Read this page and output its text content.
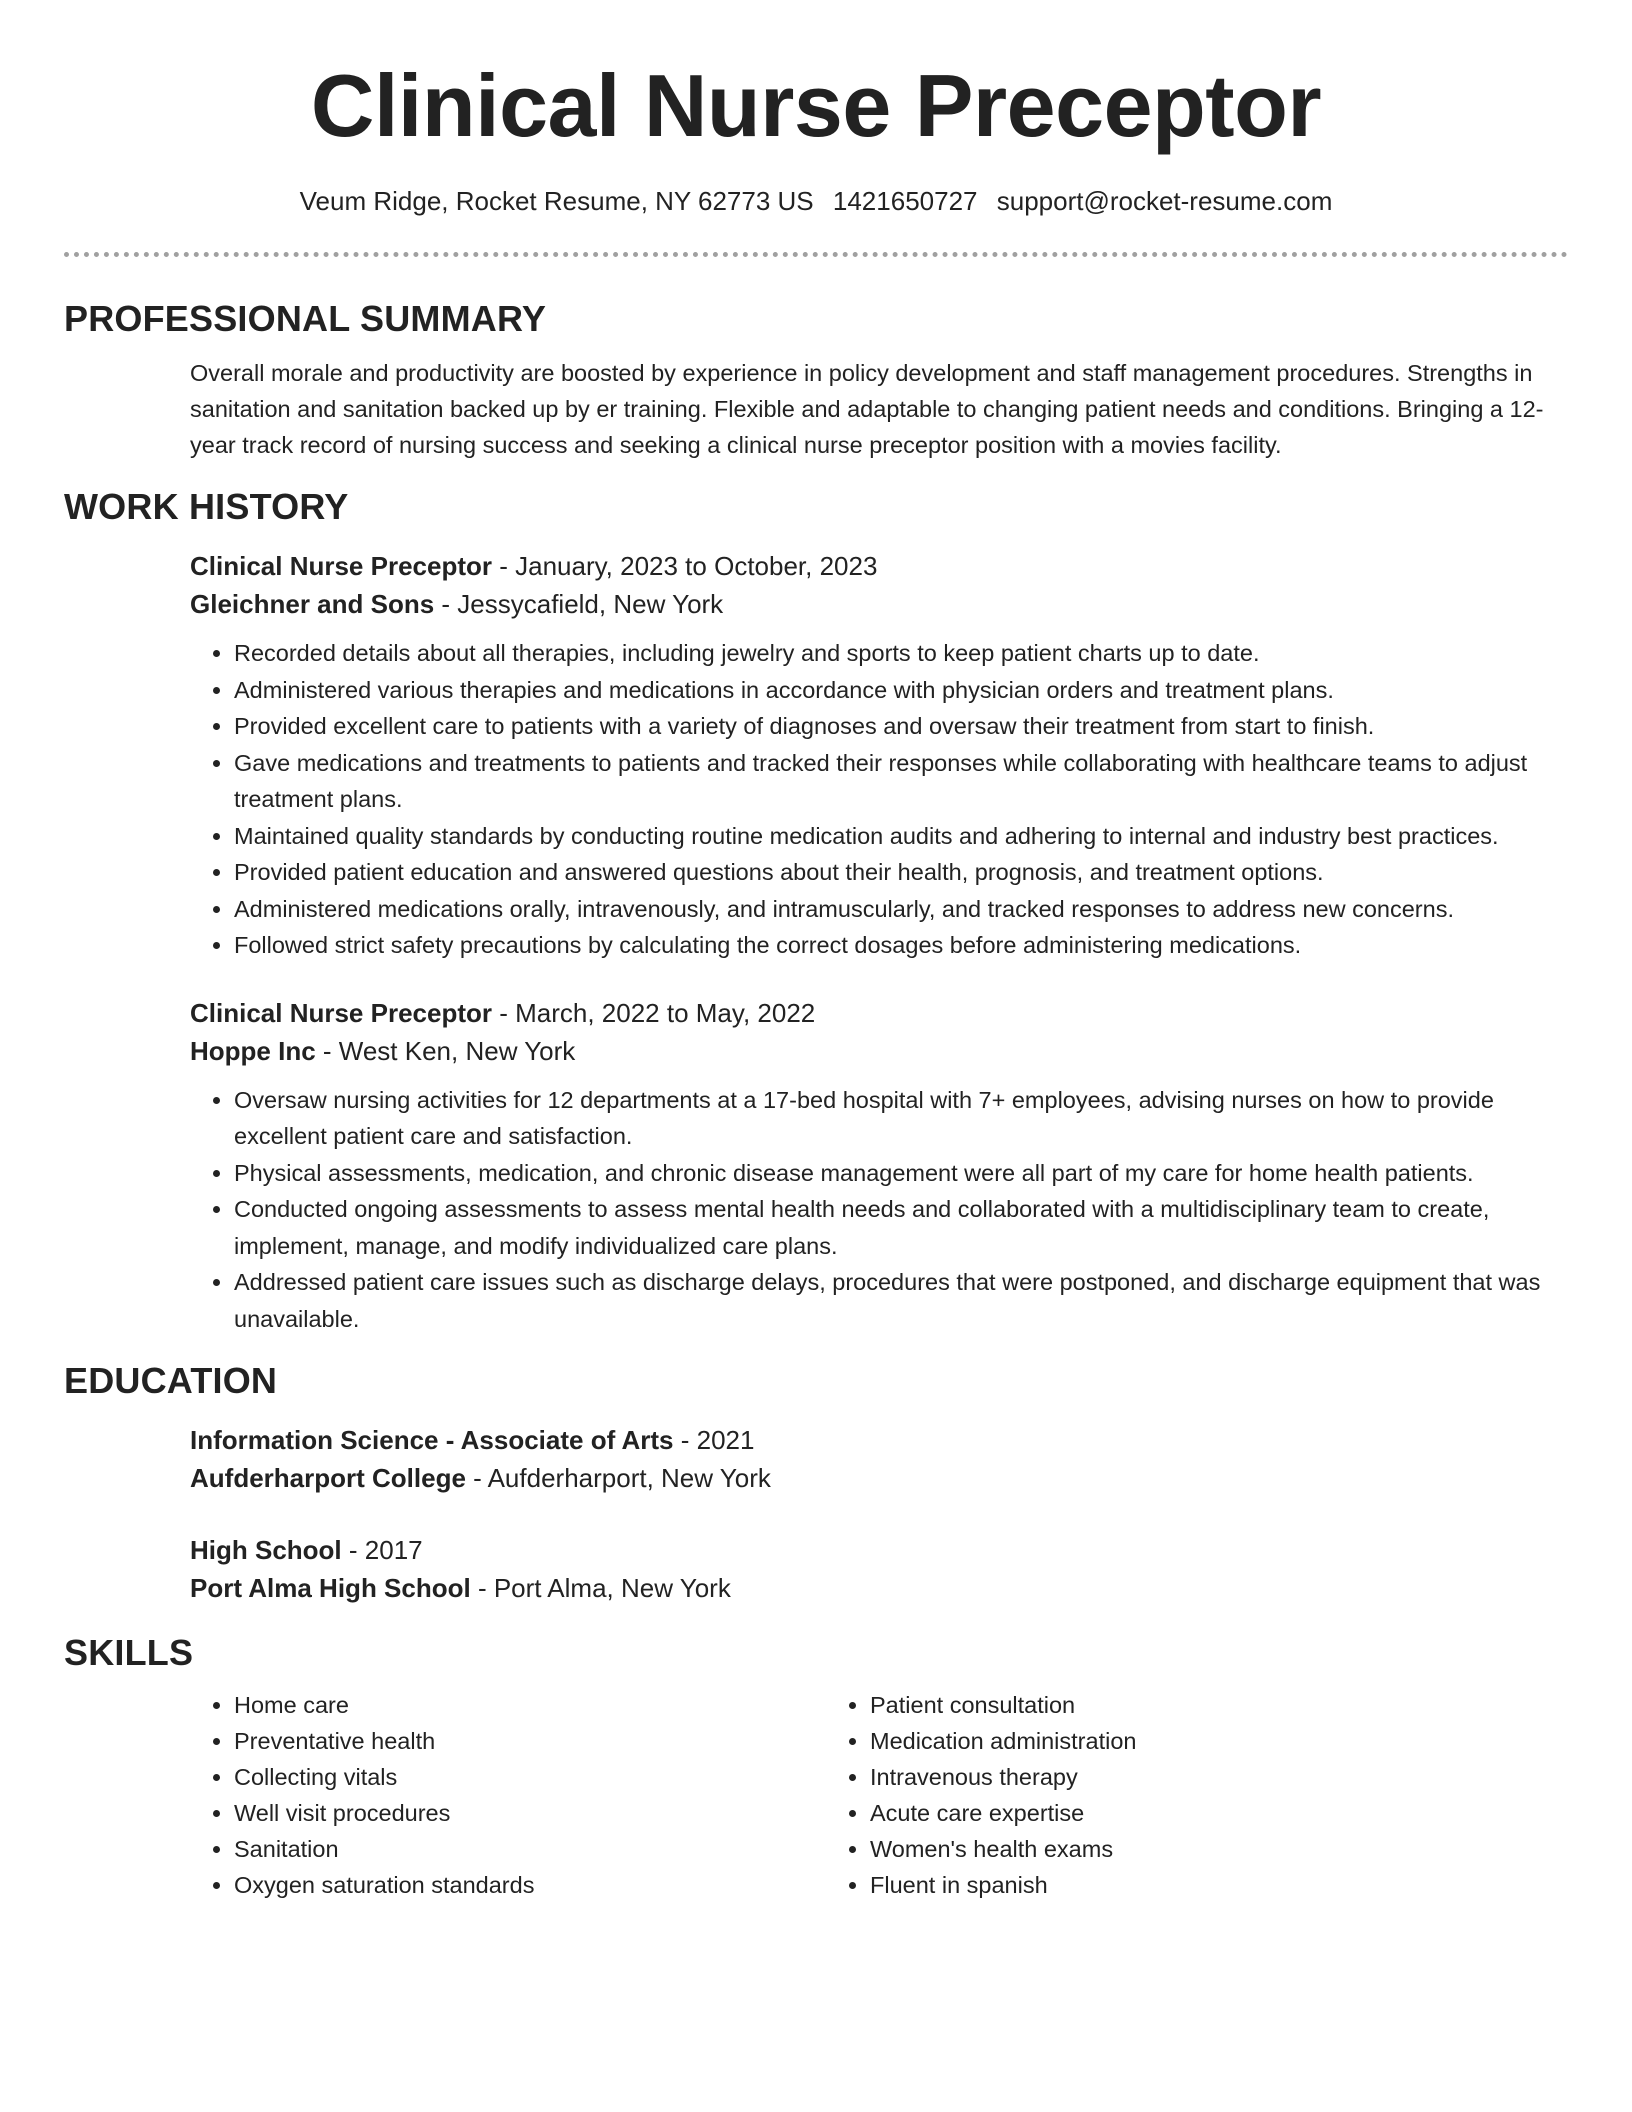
Clinical Nurse Preceptor
Veum Ridge, Rocket Resume, NY 62773 US 1421650727 support@rocket-resume.com
PROFESSIONAL SUMMARY

Overall morale and productivity are boosted by experience in policy development and staff management procedures. Strengths in sanitation and sanitation backed up by er training. Flexible and adaptable to changing patient needs and conditions. Bringing a 12-year track record of nursing success and seeking a clinical nurse preceptor position with a movies facility.

WORK HISTORY
Clinical Nurse Preceptor - January, 2023 to October, 2023
Gleichner and Sons - Jessycafield, New York
• Recorded details about all therapies, including jewelry and sports to keep patient charts up to date.
• Administered various therapies and medications in accordance with physician orders and treatment plans.
• Provided excellent care to patients with a variety of diagnoses and oversaw their treatment from start to finish.
• Gave medications and treatments to patients and tracked their responses while collaborating with healthcare teams to adjust treatment plans.
• Maintained quality standards by conducting routine medication audits and adhering to internal and industry best practices.
• Provided patient education and answered questions about their health, prognosis, and treatment options.
• Administered medications orally, intravenously, and intramuscularly, and tracked responses to address new concerns.
• Followed strict safety precautions by calculating the correct dosages before administering medications.
Clinical Nurse Preceptor - March, 2022 to May, 2022
Hoppe Inc - West Ken, New York
• Oversaw nursing activities for 12 departments at a 17-bed hospital with 7+ employees, advising nurses on how to provide excellent patient care and satisfaction.
• Physical assessments, medication, and chronic disease management were all part of my care for home health patients.
• Conducted ongoing assessments to assess mental health needs and collaborated with a multidisciplinary team to create, implement, manage, and modify individualized care plans.
• Addressed patient care issues such as discharge delays, procedures that were postponed, and discharge equipment that was unavailable.
EDUCATION
Information Science - Associate of Arts - 2021
Aufderharport College - Aufderharport, New York
High School - 2017
Port Alma High School - Port Alma, New York
SKILLS
• Home care
• Preventative health
• Collecting vitals
• Well visit procedures
• Sanitation
• Oxygen saturation standards
• Patient consultation
• Medication administration
• Intravenous therapy
• Acute care expertise
• Women's health exams
• Fluent in spanish
